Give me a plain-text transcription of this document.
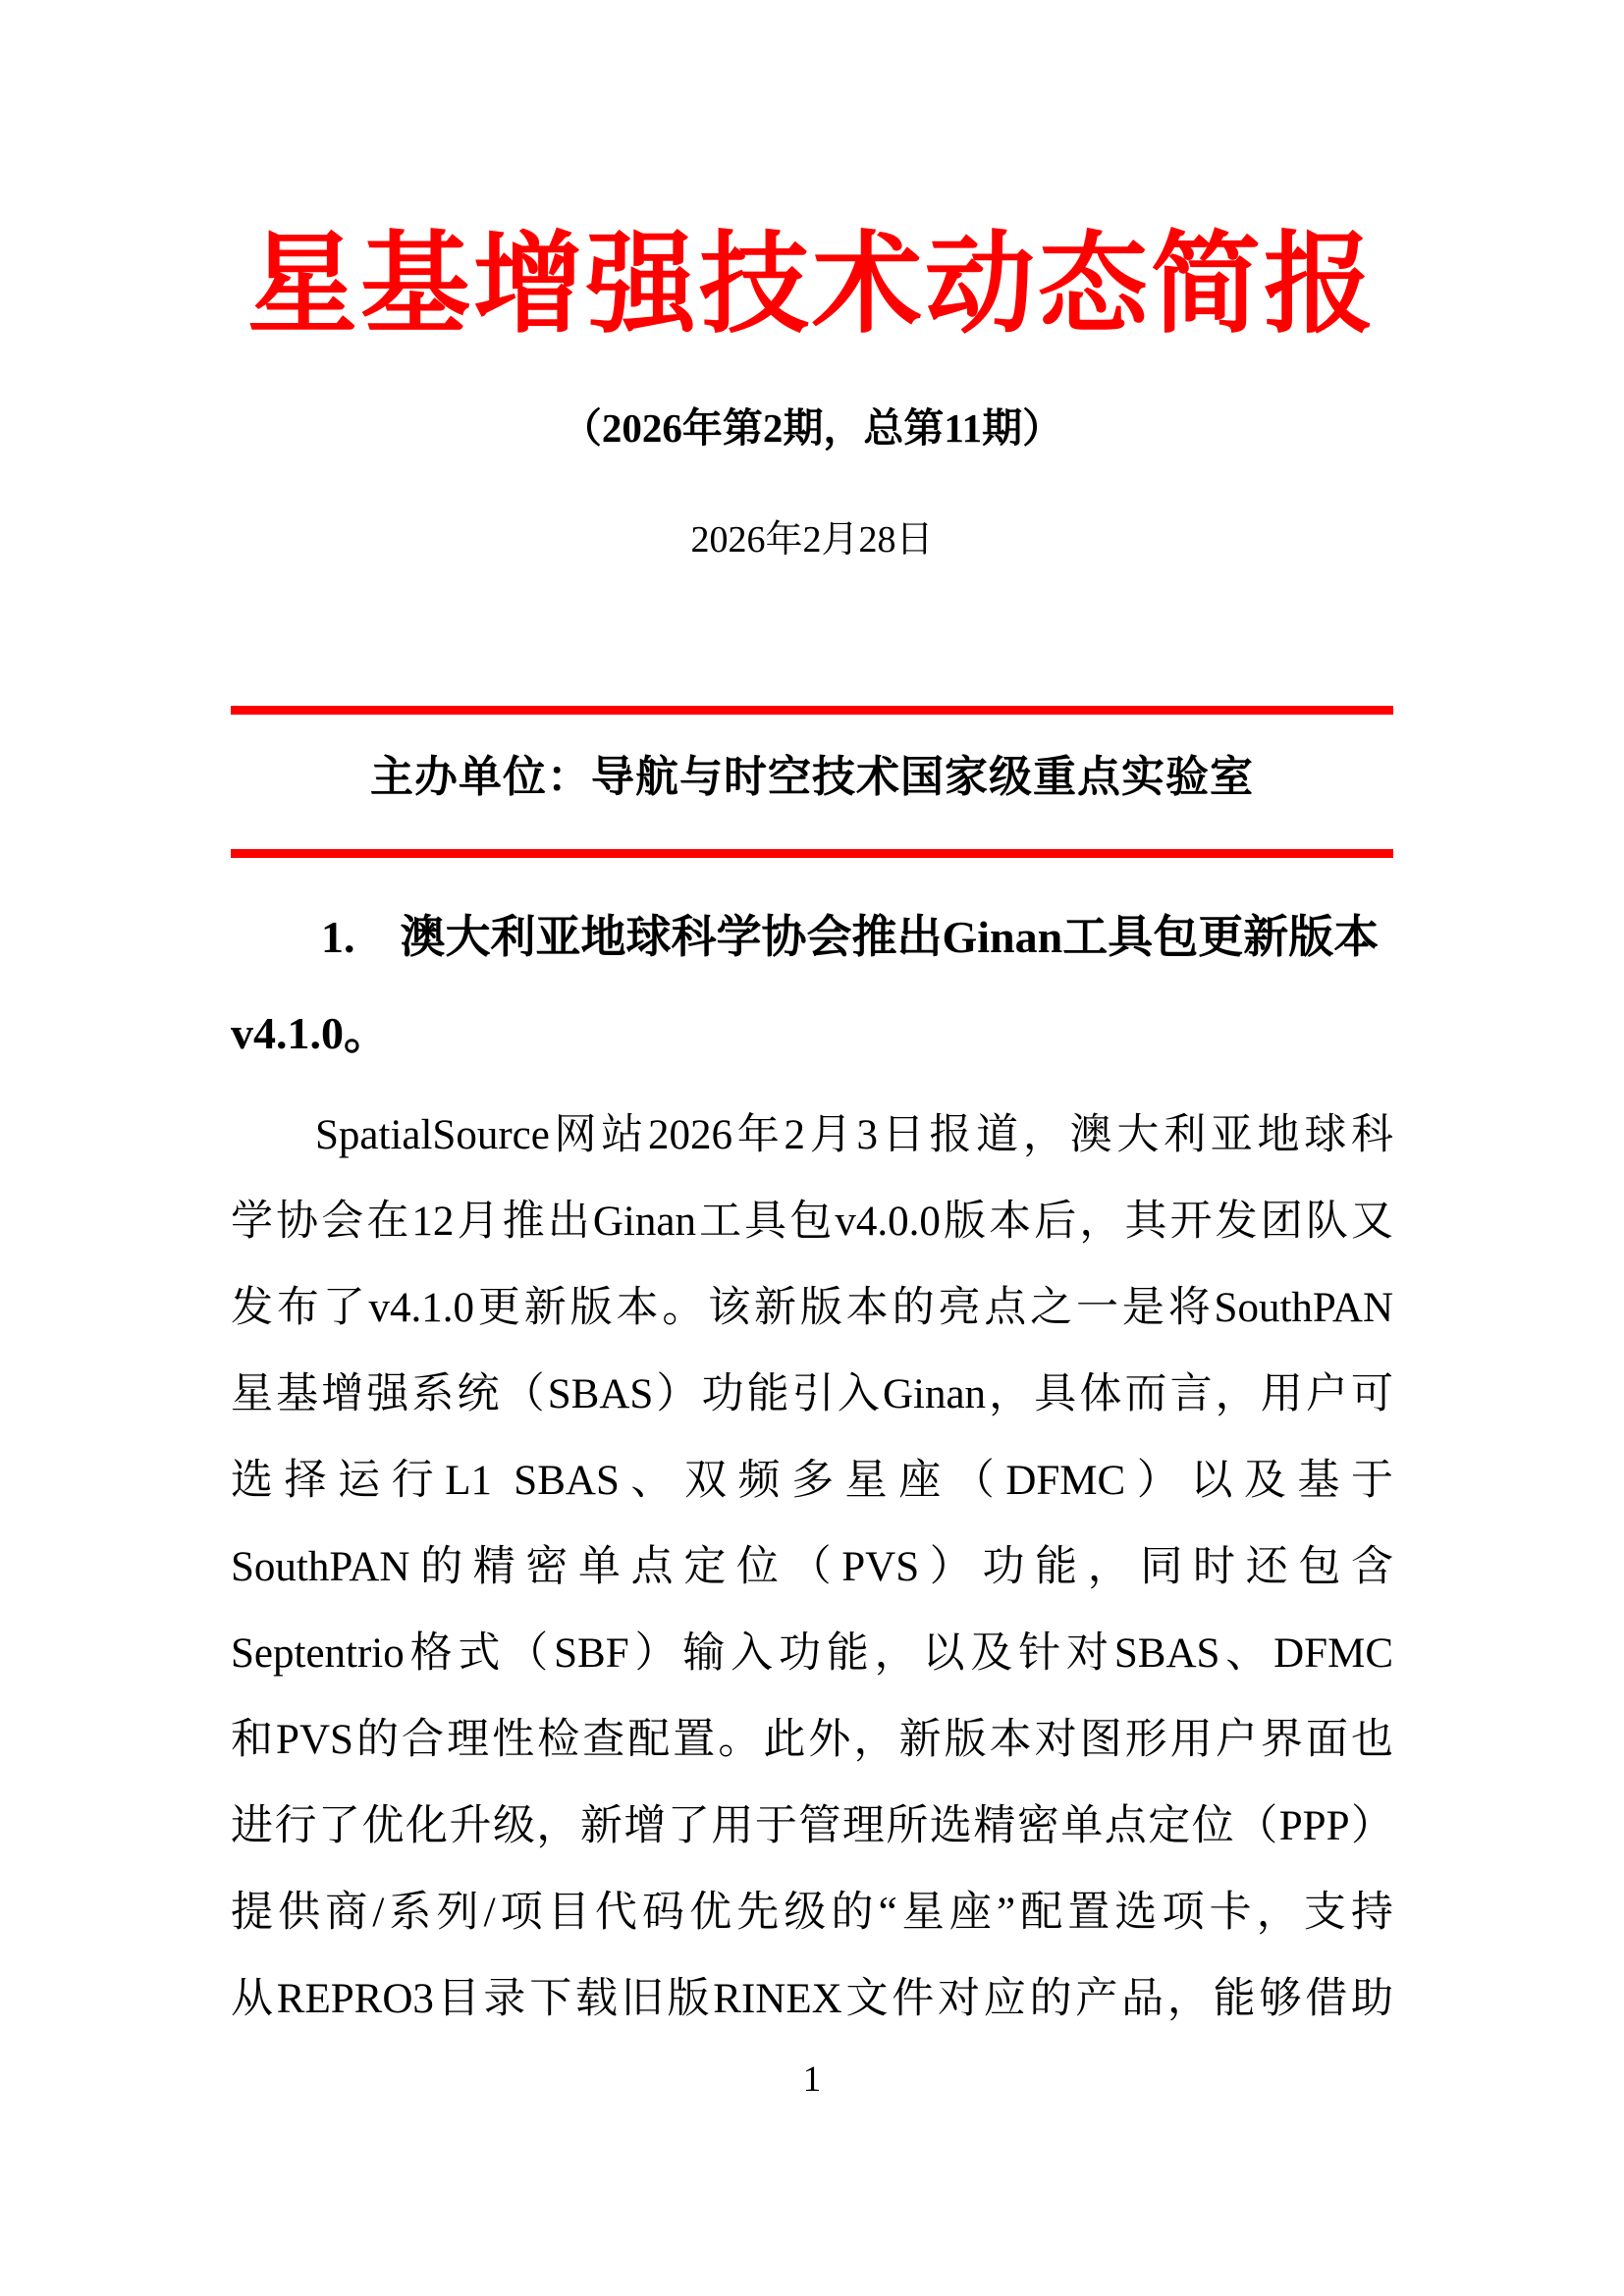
星基增强技术动态简报
（2026年第2期，总第11期）
2026年2月28日
主办单位：导航与时空技术国家级重点实验室
1.　澳大利亚地球科学协会推出Ginan工具包更新版本
v4.1.0。
SpatialSource网站2026年2月3日报道，澳大利亚地球科
学协会在12月推出Ginan工具包v4.0.0版本后，其开发团队又
发布了v4.1.0更新版本。该新版本的亮点之一是将SouthPAN
星基增强系统（SBAS）功能引入Ginan，具体而言，用户可
选择运行L1 SBAS、双频多星座（DFMC）以及基于
SouthPAN的精密单点定位（PVS）功能，同时还包含
Septentrio格式（SBF）输入功能，以及针对SBAS、DFMC
和PVS的合理性检查配置。此外，新版本对图形用户界面也
进行了优化升级，新增了用于管理所选精密单点定位（PPP）
提供商/系列/项目代码优先级的“星座”配置选项卡，支持
从REPRO3目录下载旧版RINEX文件对应的产品，能够借助
1
